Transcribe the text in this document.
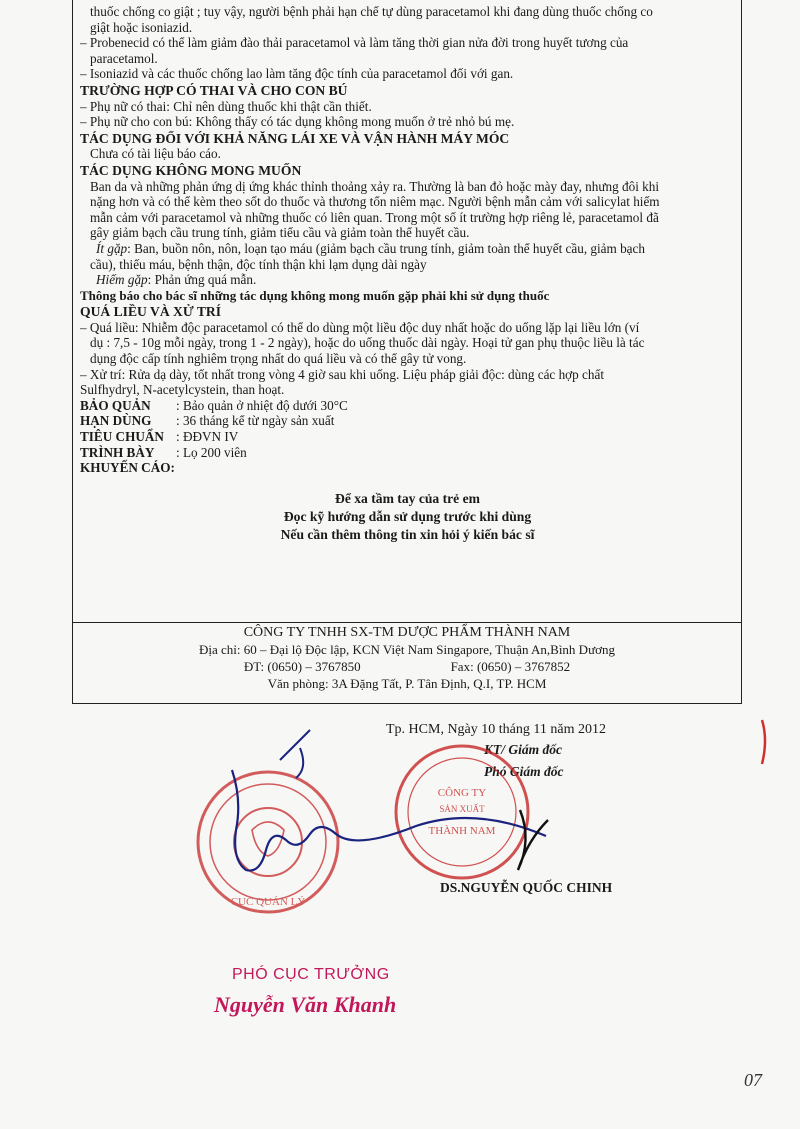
thuốc chống co giật ; tuy vậy, người bệnh phải hạn chế tự dùng paracetamol khi đang dùng thuốc chống co
giật hoặc isoniazid.
– Probenecid có thể làm giảm đào thải paracetamol và làm tăng thời gian nửa đời trong huyết tương của
paracetamol.
– Isoniazid và các thuốc chống lao làm tăng độc tính của paracetamol đối với gan.
TRƯỜNG HỢP CÓ THAI VÀ CHO CON BÚ
– Phụ nữ có thai: Chỉ nên dùng thuốc khi thật cần thiết.
– Phụ nữ cho con bú: Không thấy có tác dụng không mong muốn ở trẻ nhỏ bú mẹ.
TÁC DỤNG ĐỐI VỚI KHẢ NĂNG LÁI XE VÀ VẬN HÀNH MÁY MÓC
Chưa có tài liệu báo cáo.
TÁC DỤNG KHÔNG MONG MUỐN
Ban da và những phản ứng dị ứng khác thỉnh thoảng xảy ra. Thường là ban đỏ hoặc mày đay, nhưng đôi khi
nặng hơn và có thể kèm theo sốt do thuốc và thương tổn niêm mạc. Người bệnh mẫn cảm với salicylat hiếm
mẫn cảm với paracetamol và những thuốc có liên quan. Trong một số ít trường hợp riêng lẻ, paracetamol đã
gây giảm bạch cầu trung tính, giảm tiểu cầu và giảm toàn thể huyết cầu.
Ít gặp: Ban, buồn nôn, nôn, loạn tạo máu (giảm bạch cầu trung tính, giảm toàn thể huyết cầu, giảm bạch
cầu), thiếu máu, bệnh thận, độc tính thận khi lạm dụng dài ngày
Hiếm gặp: Phản ứng quá mẫn.
Thông báo cho bác sĩ những tác dụng không mong muốn gặp phải khi sử dụng thuốc
QUÁ LIỀU VÀ XỬ TRÍ
– Quá liều: Nhiễm độc paracetamol có thể do dùng một liều độc duy nhất hoặc do uống lặp lại liều lớn (ví
dụ : 7,5 - 10g mỗi ngày, trong 1 - 2 ngày), hoặc do uống thuốc dài ngày. Hoại tử gan phụ thuộc liều là tác
dụng độc cấp tính nghiêm trọng nhất do quá liều và có thể gây tử vong.
– Xử trí: Rửa dạ dày, tốt nhất trong vòng 4 giờ sau khi uống. Liệu pháp giải độc: dùng các hợp chất
Sulfhydryl, N-acetylcystein, than hoạt.
BẢO QUẢN	: Bảo quản ở nhiệt độ dưới 30°C
HẠN DÙNG	: 36 tháng kể từ ngày sản xuất
TIÊU CHUẨN : ĐĐVN IV
TRÌNH BÀY	: Lọ 200 viên
KHUYẾN CÁO:
Để xa tầm tay của trẻ em
Đọc kỹ hướng dẫn sử dụng trước khi dùng
Nếu cần thêm thông tin xin hỏi ý kiến bác sĩ
CÔNG TY TNHH SX-TM DƯỢC PHẨM THÀNH NAM
Địa chỉ: 60 – Đại lộ Độc lập, KCN Việt Nam Singapore, Thuận An,Bình Dương
ĐT: (0650) – 3767850	Fax: (0650) – 3767852
Văn phòng: 3A Đặng Tất, P. Tân Định, Q.I, TP. HCM
Tp. HCM, Ngày 10 tháng 11 năm 2012
KT/ Giám đốc
Phó Giám đốc
CỤC QUẢN LÝ
CÔNG TY
SẢN XUẤT
THÀNH NAM
DS.NGUYỄN QUỐC CHINH
PHÓ CỤC TRƯỞNG
Nguyễn Văn Khanh
07
